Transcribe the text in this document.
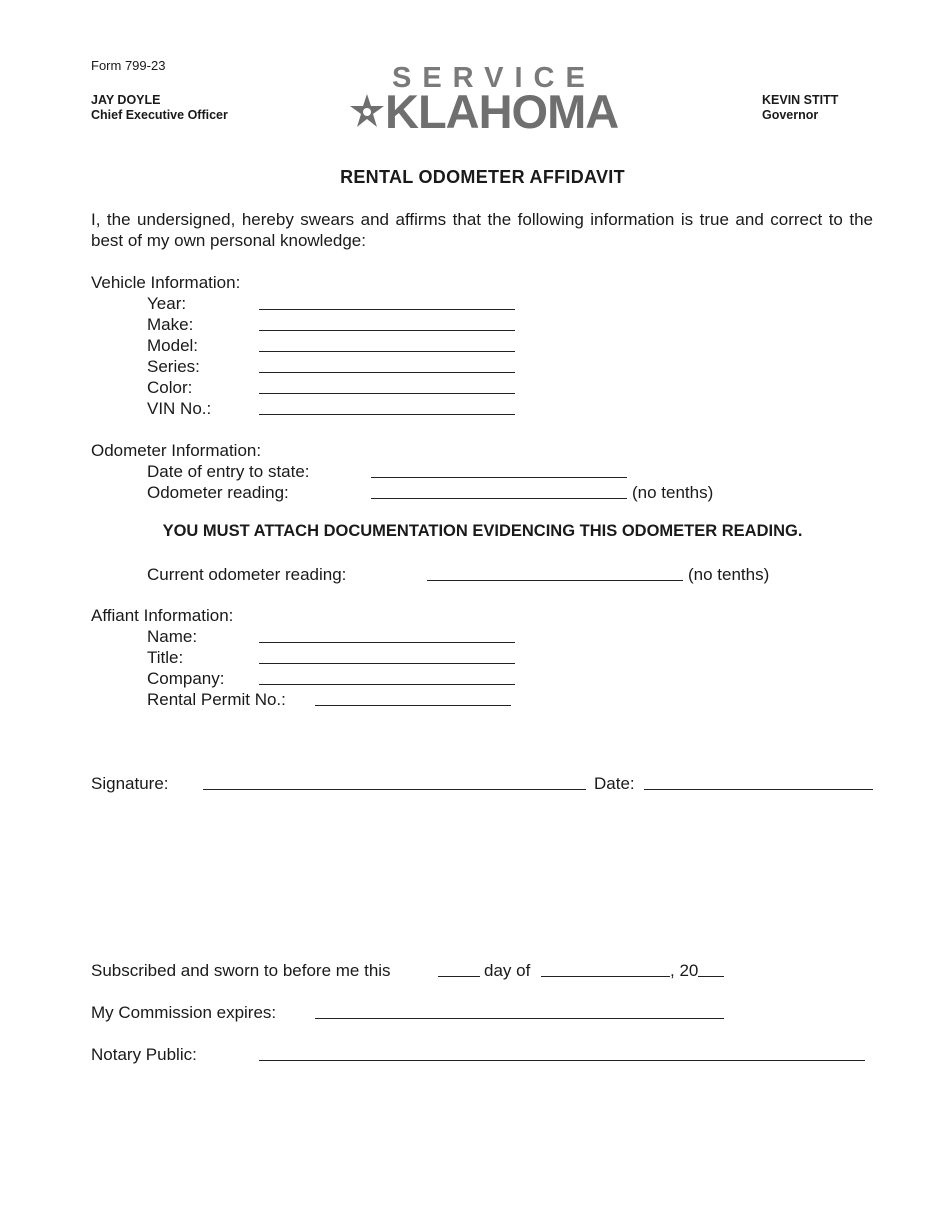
Form 799-23
JAY DOYLE
Chief Executive Officer
KEVIN STITT
Governor
SERVICE
KLAHOMA
RENTAL ODOMETER AFFIDAVIT
I, the undersigned, hereby swears and affirms that the following information is true and correct to the best of my own personal knowledge:
Vehicle Information:
Year:
Make:
Model:
Series:
Color:
VIN No.:
Odometer Information:
Date of entry to state:
Odometer reading:	(no tenths)
YOU MUST ATTACH DOCUMENTATION EVIDENCING THIS ODOMETER READING.
Current odometer reading:	(no tenths)
Affiant Information:
Name:
Title:
Company:
Rental Permit No.:
Signature:	Date:
Subscribed and sworn to before me this	day of	, 20
My Commission expires:
Notary Public:
